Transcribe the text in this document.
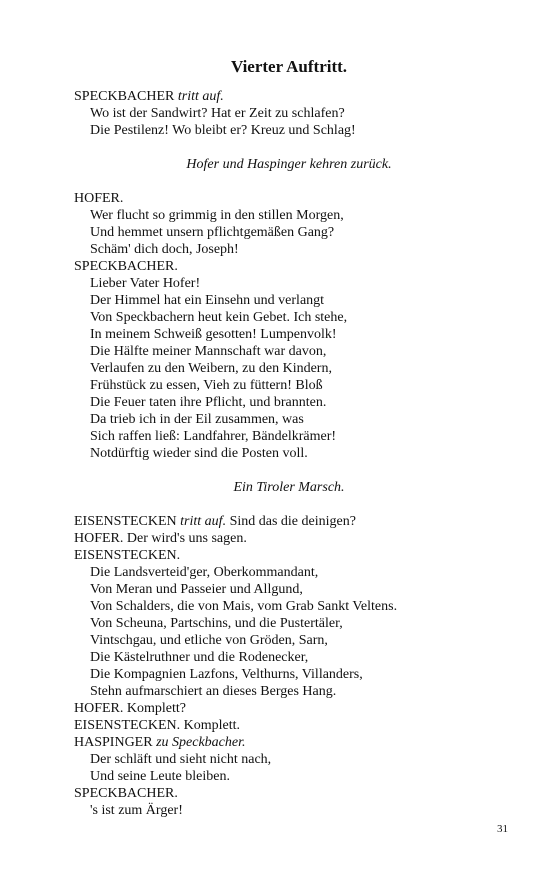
Vierter Auftritt.
SPECKBACHER tritt auf.
Wo ist der Sandwirt? Hat er Zeit zu schlafen?
Die Pestilenz! Wo bleibt er? Kreuz und Schlag!
Hofer und Haspinger kehren zurück.
HOFER.
Wer flucht so grimmig in den stillen Morgen,
Und hemmet unsern pflichtgemäßen Gang?
Schäm' dich doch, Joseph!
SPECKBACHER.
Lieber Vater Hofer!
Der Himmel hat ein Einsehn und verlangt
Von Speckbachern heut kein Gebet. Ich stehe,
In meinem Schweiß gesotten! Lumpenvolk!
Die Hälfte meiner Mannschaft war davon,
Verlaufen zu den Weibern, zu den Kindern,
Frühstück zu essen, Vieh zu füttern! Bloß
Die Feuer taten ihre Pflicht, und brannten.
Da trieb ich in der Eil zusammen, was
Sich raffen ließ: Landfahrer, Bändelkrämer!
Notdürftig wieder sind die Posten voll.
Ein Tiroler Marsch.
EISENSTECKEN tritt auf. Sind das die deinigen?
HOFER. Der wird's uns sagen.
EISENSTECKEN.
Die Landsverteid'ger, Oberkommandant,
Von Meran und Passeier und Allgund,
Von Schalders, die von Mais, vom Grab Sankt Veltens.
Von Scheuna, Partschins, und die Pustertäler,
Vintschgau, und etliche von Gröden, Sarn,
Die Kästelruthner und die Rodenecker,
Die Kompagnien Lazfons, Velthurns, Villanders,
Stehn aufmarschiert an dieses Berges Hang.
HOFER. Komplett?
EISENSTECKEN. Komplett.
HASPINGER zu Speckbacher.
Der schläft und sieht nicht nach,
Und seine Leute bleiben.
SPECKBACHER.
's ist zum Ärger!
31
